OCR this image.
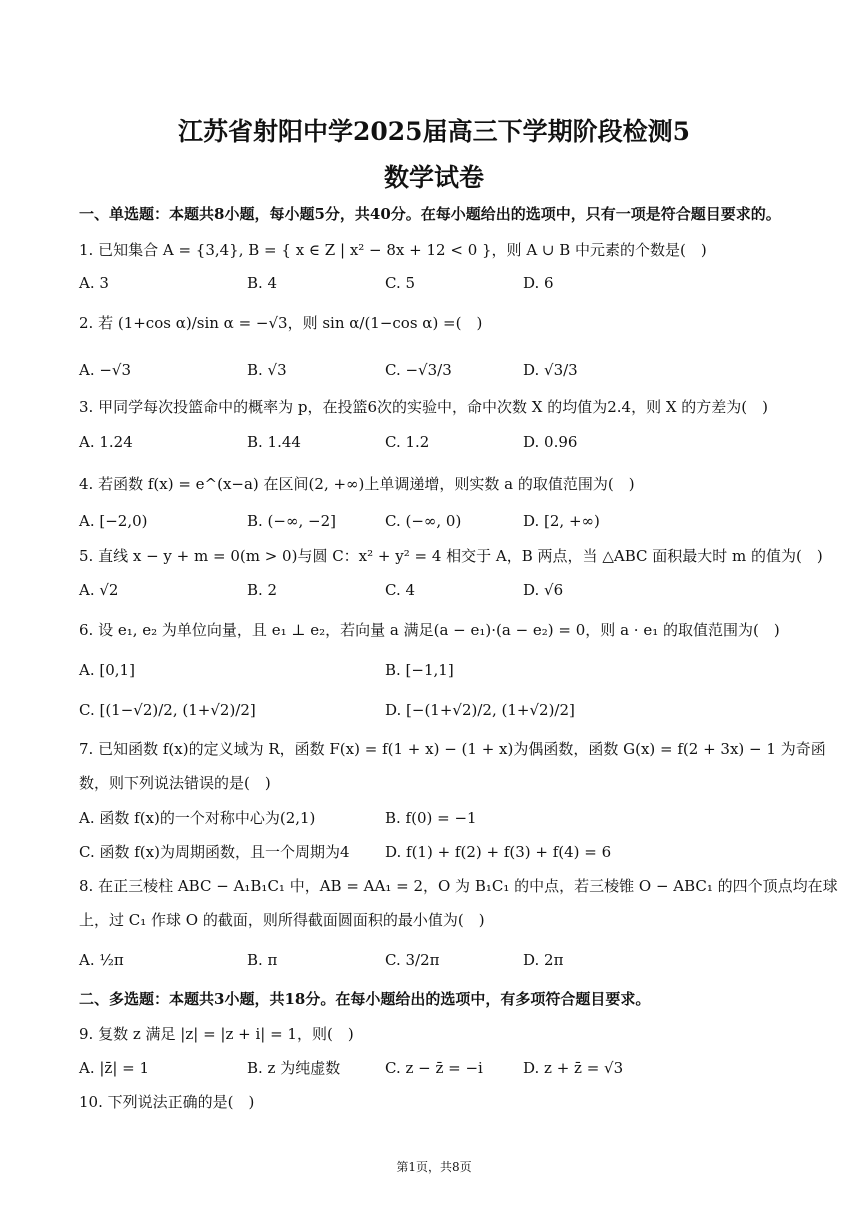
江苏省射阳中学2025届高三下学期阶段检测5
数学试卷
一、单选题：本题共8小题，每小题5分，共40分。在每小题给出的选项中，只有一项是符合题目要求的。
1. 已知集合 A = {3,4}, B = { x ∈ Z | x² − 8x + 12 < 0 }，则 A ∪ B 中元素的个数是(　)
A. 3	B. 4	C. 5	D. 6
2. 若 (1+cos α)/sin α = −√3，则 sin α/(1−cos α) =(　)
A. −√3	B. √3	C. −√3/3	D. √3/3
3. 甲同学每次投篮命中的概率为 p，在投篮6次的实验中，命中次数 X 的均值为2.4，则 X 的方差为(　)
A. 1.24	B. 1.44	C. 1.2	D. 0.96
4. 若函数 f(x) = e^(x−a) 在区间(2, +∞)上单调递增，则实数 a 的取值范围为(　)
A. [−2,0)	B. (−∞, −2]	C. (−∞, 0)	D. [2, +∞)
5. 直线 x − y + m = 0(m > 0)与圆 C：x² + y² = 4 相交于 A，B 两点，当 △ABC 面积最大时 m 的值为(　)
A. √2	B. 2	C. 4	D. √6
6. 设 e₁, e₂ 为单位向量，且 e₁ ⊥ e₂，若向量 a 满足(a − e₁)·(a − e₂) = 0，则 a · e₁ 的取值范围为(　)
A. [0,1]	B. [−1,1]
C. [(1−√2)/2, (1+√2)/2]	D. [−(1+√2)/2, (1+√2)/2]
7. 已知函数 f(x)的定义域为 R，函数 F(x) = f(1 + x) − (1 + x)为偶函数，函数 G(x) = f(2 + 3x) − 1 为奇函
数，则下列说法错误的是(　)
A. 函数 f(x)的一个对称中心为(2,1)	B. f(0) = −1
C. 函数 f(x)为周期函数，且一个周期为4 D. f(1) + f(2) + f(3) + f(4) = 6
8. 在正三棱柱 ABC − A₁B₁C₁ 中，AB = AA₁ = 2，O 为 B₁C₁ 的中点，若三棱锥 O − ABC₁ 的四个顶点均在球
上，过 C₁ 作球 O 的截面，则所得截面圆面积的最小值为(　)
A. ½π	B. π	C. 3/2π	D. 2π
二、多选题：本题共3小题，共18分。在每小题给出的选项中，有多项符合题目要求。
9. 复数 z 满足 |z| = |z + i| = 1，则(　)
A. |z̄| = 1	B. z 为纯虚数	C. z − z̄ = −i	D. z + z̄ = √3
10. 下列说法正确的是(　)
第1页，共8页
